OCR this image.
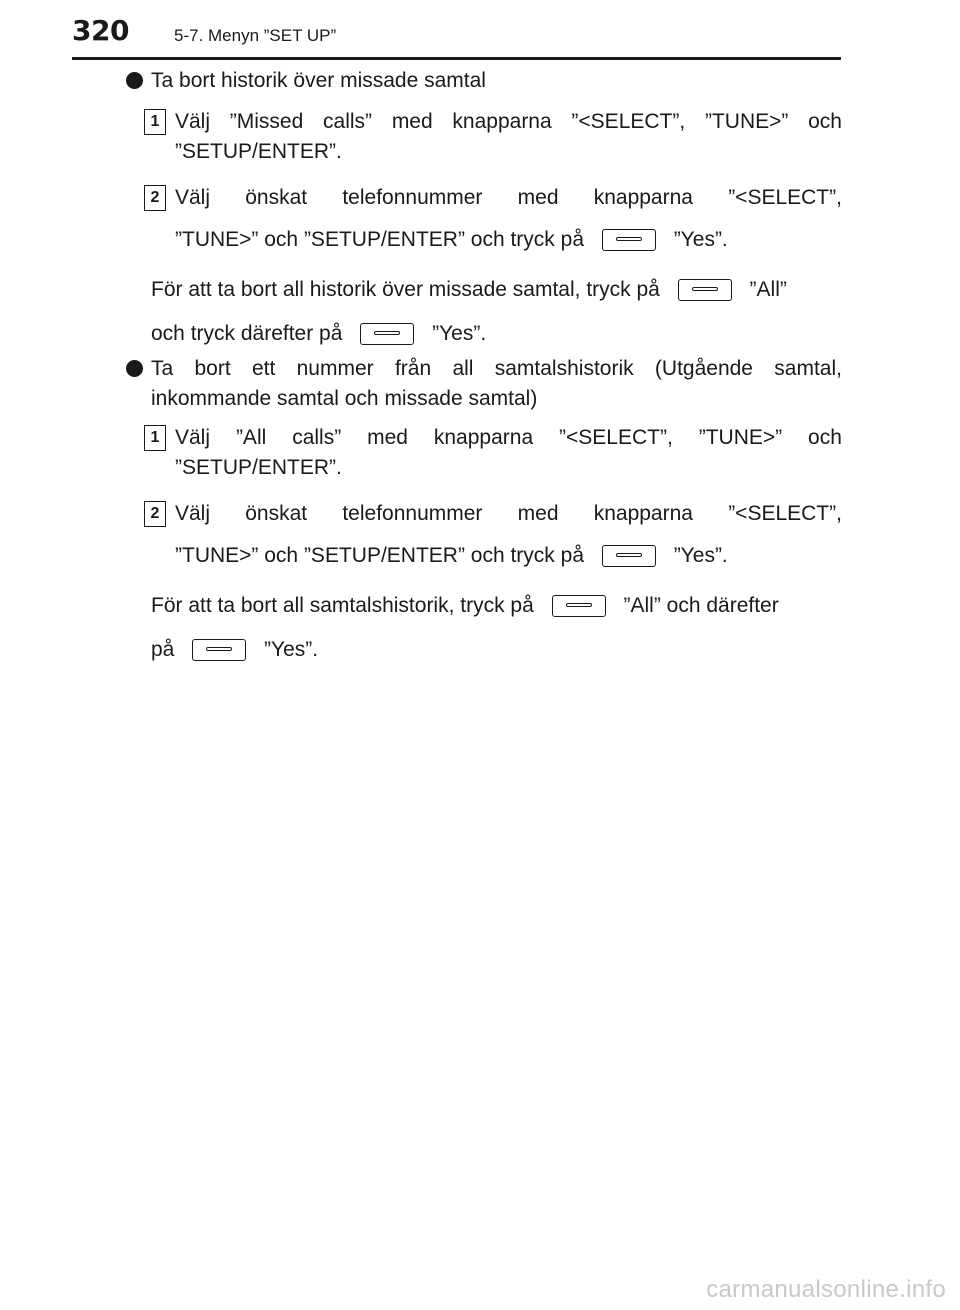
320	5-7. Menyn ”SET UP”
Ta bort historik över missade samtal
1 Välj ”Missed calls” med knapparna ”<SELECT”, ”TUNE>” och
”SETUP/ENTER”.
2 Välj önskat telefonnummer med knapparna ”<SELECT”,
”TUNE>” och ”SETUP/ENTER” och tryck på	”Yes”.
För att ta bort all historik över missade samtal, tryck på	”All”
och tryck därefter på	”Yes”.
Ta bort ett nummer från all samtalshistorik (Utgående samtal,
inkommande samtal och missade samtal)
1 Välj ”All calls” med knapparna ”<SELECT”, ”TUNE>” och
”SETUP/ENTER”.
2 Välj önskat telefonnummer med knapparna ”<SELECT”,
”TUNE>” och ”SETUP/ENTER” och tryck på	”Yes”.
För att ta bort all samtalshistorik, tryck på	”All” och därefter
på	”Yes”.
carmanualsonline.info
